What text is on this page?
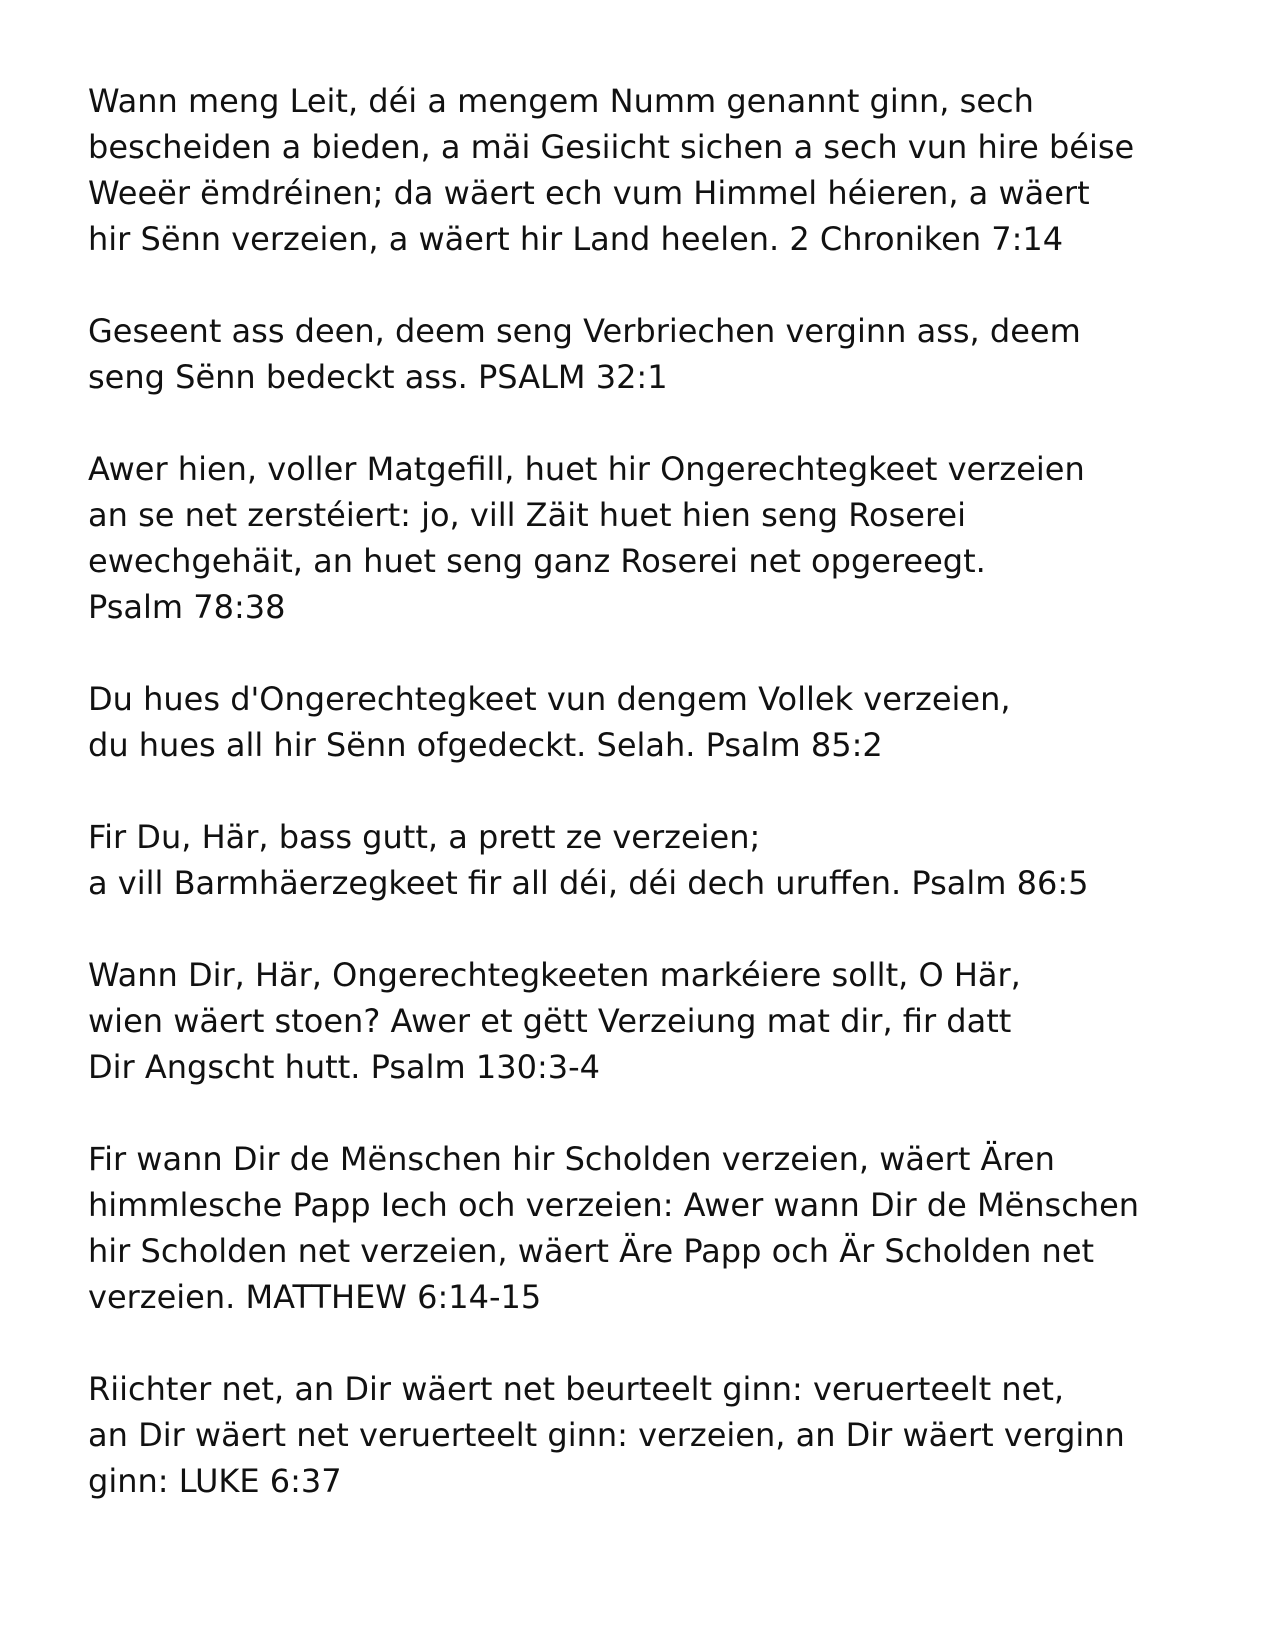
Wann meng Leit, déi a mengem Numm genannt ginn, sech
bescheiden a bieden, a mäi Gesiicht sichen a sech vun hire béise
Weeër ëmdréinen; da wäert ech vum Himmel héieren, a wäert
hir Sënn verzeien, a wäert hir Land heelen. 2 Chroniken 7:14

Geseent ass deen, deem seng Verbriechen verginn ass, deem
seng Sënn bedeckt ass. PSALM 32:1

Awer hien, voller Matgefill, huet hir Ongerechtegkeet verzeien
an se net zerstéiert: jo, vill Zäit huet hien seng Roserei
ewechgehäit, an huet seng ganz Roserei net opgereegt.
Psalm 78:38

Du hues d'Ongerechtegkeet vun dengem Vollek verzeien,
du hues all hir Sënn ofgedeckt. Selah. Psalm 85:2

Fir Du, Här, bass gutt, a prett ze verzeien;
a vill Barmhäerzegkeet fir all déi, déi dech uruffen. Psalm 86:5

Wann Dir, Här, Ongerechtegkeeten markéiere sollt, O Här,
wien wäert stoen? Awer et gëtt Verzeiung mat dir, fir datt
Dir Angscht hutt. Psalm 130:3-4

Fir wann Dir de Mënschen hir Scholden verzeien, wäert Ären
himmlesche Papp Iech och verzeien: Awer wann Dir de Mënschen
hir Scholden net verzeien, wäert Äre Papp och Är Scholden net
verzeien. MATTHEW 6:14-15

Riichter net, an Dir wäert net beurteelt ginn: veruerteelt net,
an Dir wäert net veruerteelt ginn: verzeien, an Dir wäert verginn
ginn: LUKE 6:37
